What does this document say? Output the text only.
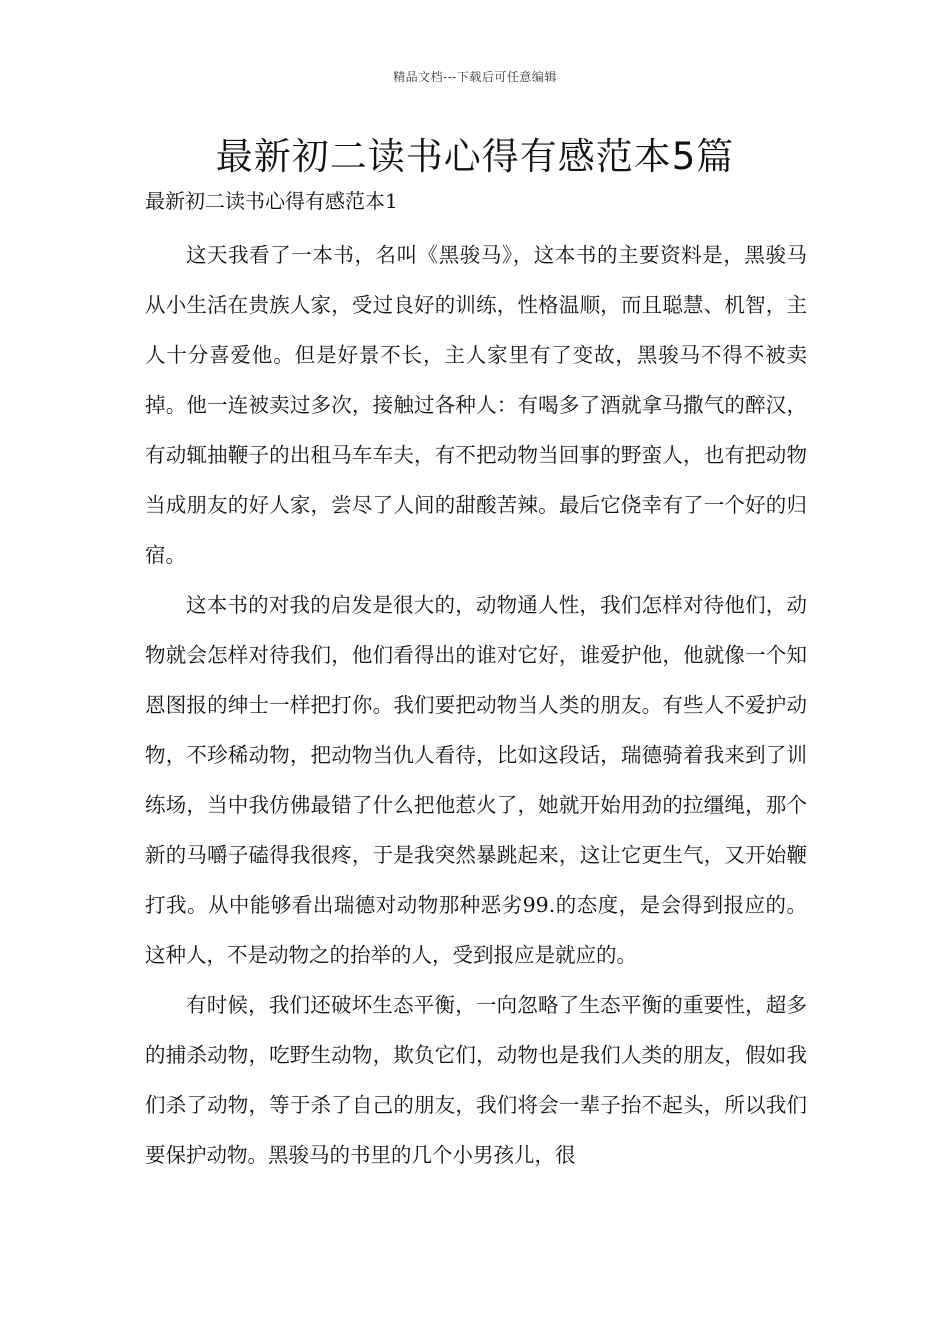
精品文档---下载后可任意编辑
最新初二读书心得有感范本5篇

最新初二读书心得有感范本1

这天我看了一本书，名叫《黑骏马》，这本书的主要资料是，黑骏马从小生活在贵族人家，受过良好的训练，性格温顺，而且聪慧、机智，主人十分喜爱他。但是好景不长，主人家里有了变故，黑骏马不得不被卖掉。他一连被卖过多次，接触过各种人：有喝多了酒就拿马撒气的醉汉，有动辄抽鞭子的出租马车车夫，有不把动物当回事的野蛮人，也有把动物当成朋友的好人家，尝尽了人间的甜酸苦辣。最后它侥幸有了一个好的归宿。

这本书的对我的启发是很大的，动物通人性，我们怎样对待他们，动物就会怎样对待我们，他们看得出的谁对它好，谁爱护他，他就像一个知恩图报的绅士一样把打你。我们要把动物当人类的朋友。有些人不爱护动物，不珍稀动物，把动物当仇人看待，比如这段话，瑞德骑着我来到了训练场，当中我仿佛最错了什么把他惹火了，她就开始用劲的拉缰绳，那个新的马嚼子磕得我很疼，于是我突然暴跳起来，这让它更生气，又开始鞭打我。从中能够看出瑞德对动物那种恶劣99.的态度，是会得到报应的。这种人，不是动物之的抬举的人，受到报应是就应的。

有时候，我们还破坏生态平衡，一向忽略了生态平衡的重要性，超多的捕杀动物，吃野生动物，欺负它们，动物也是我们人类的朋友，假如我们杀了动物，等于杀了自己的朋友，我们将会一辈子抬不起头，所以我们要保护动物。黑骏马的书里的几个小男孩儿，很
